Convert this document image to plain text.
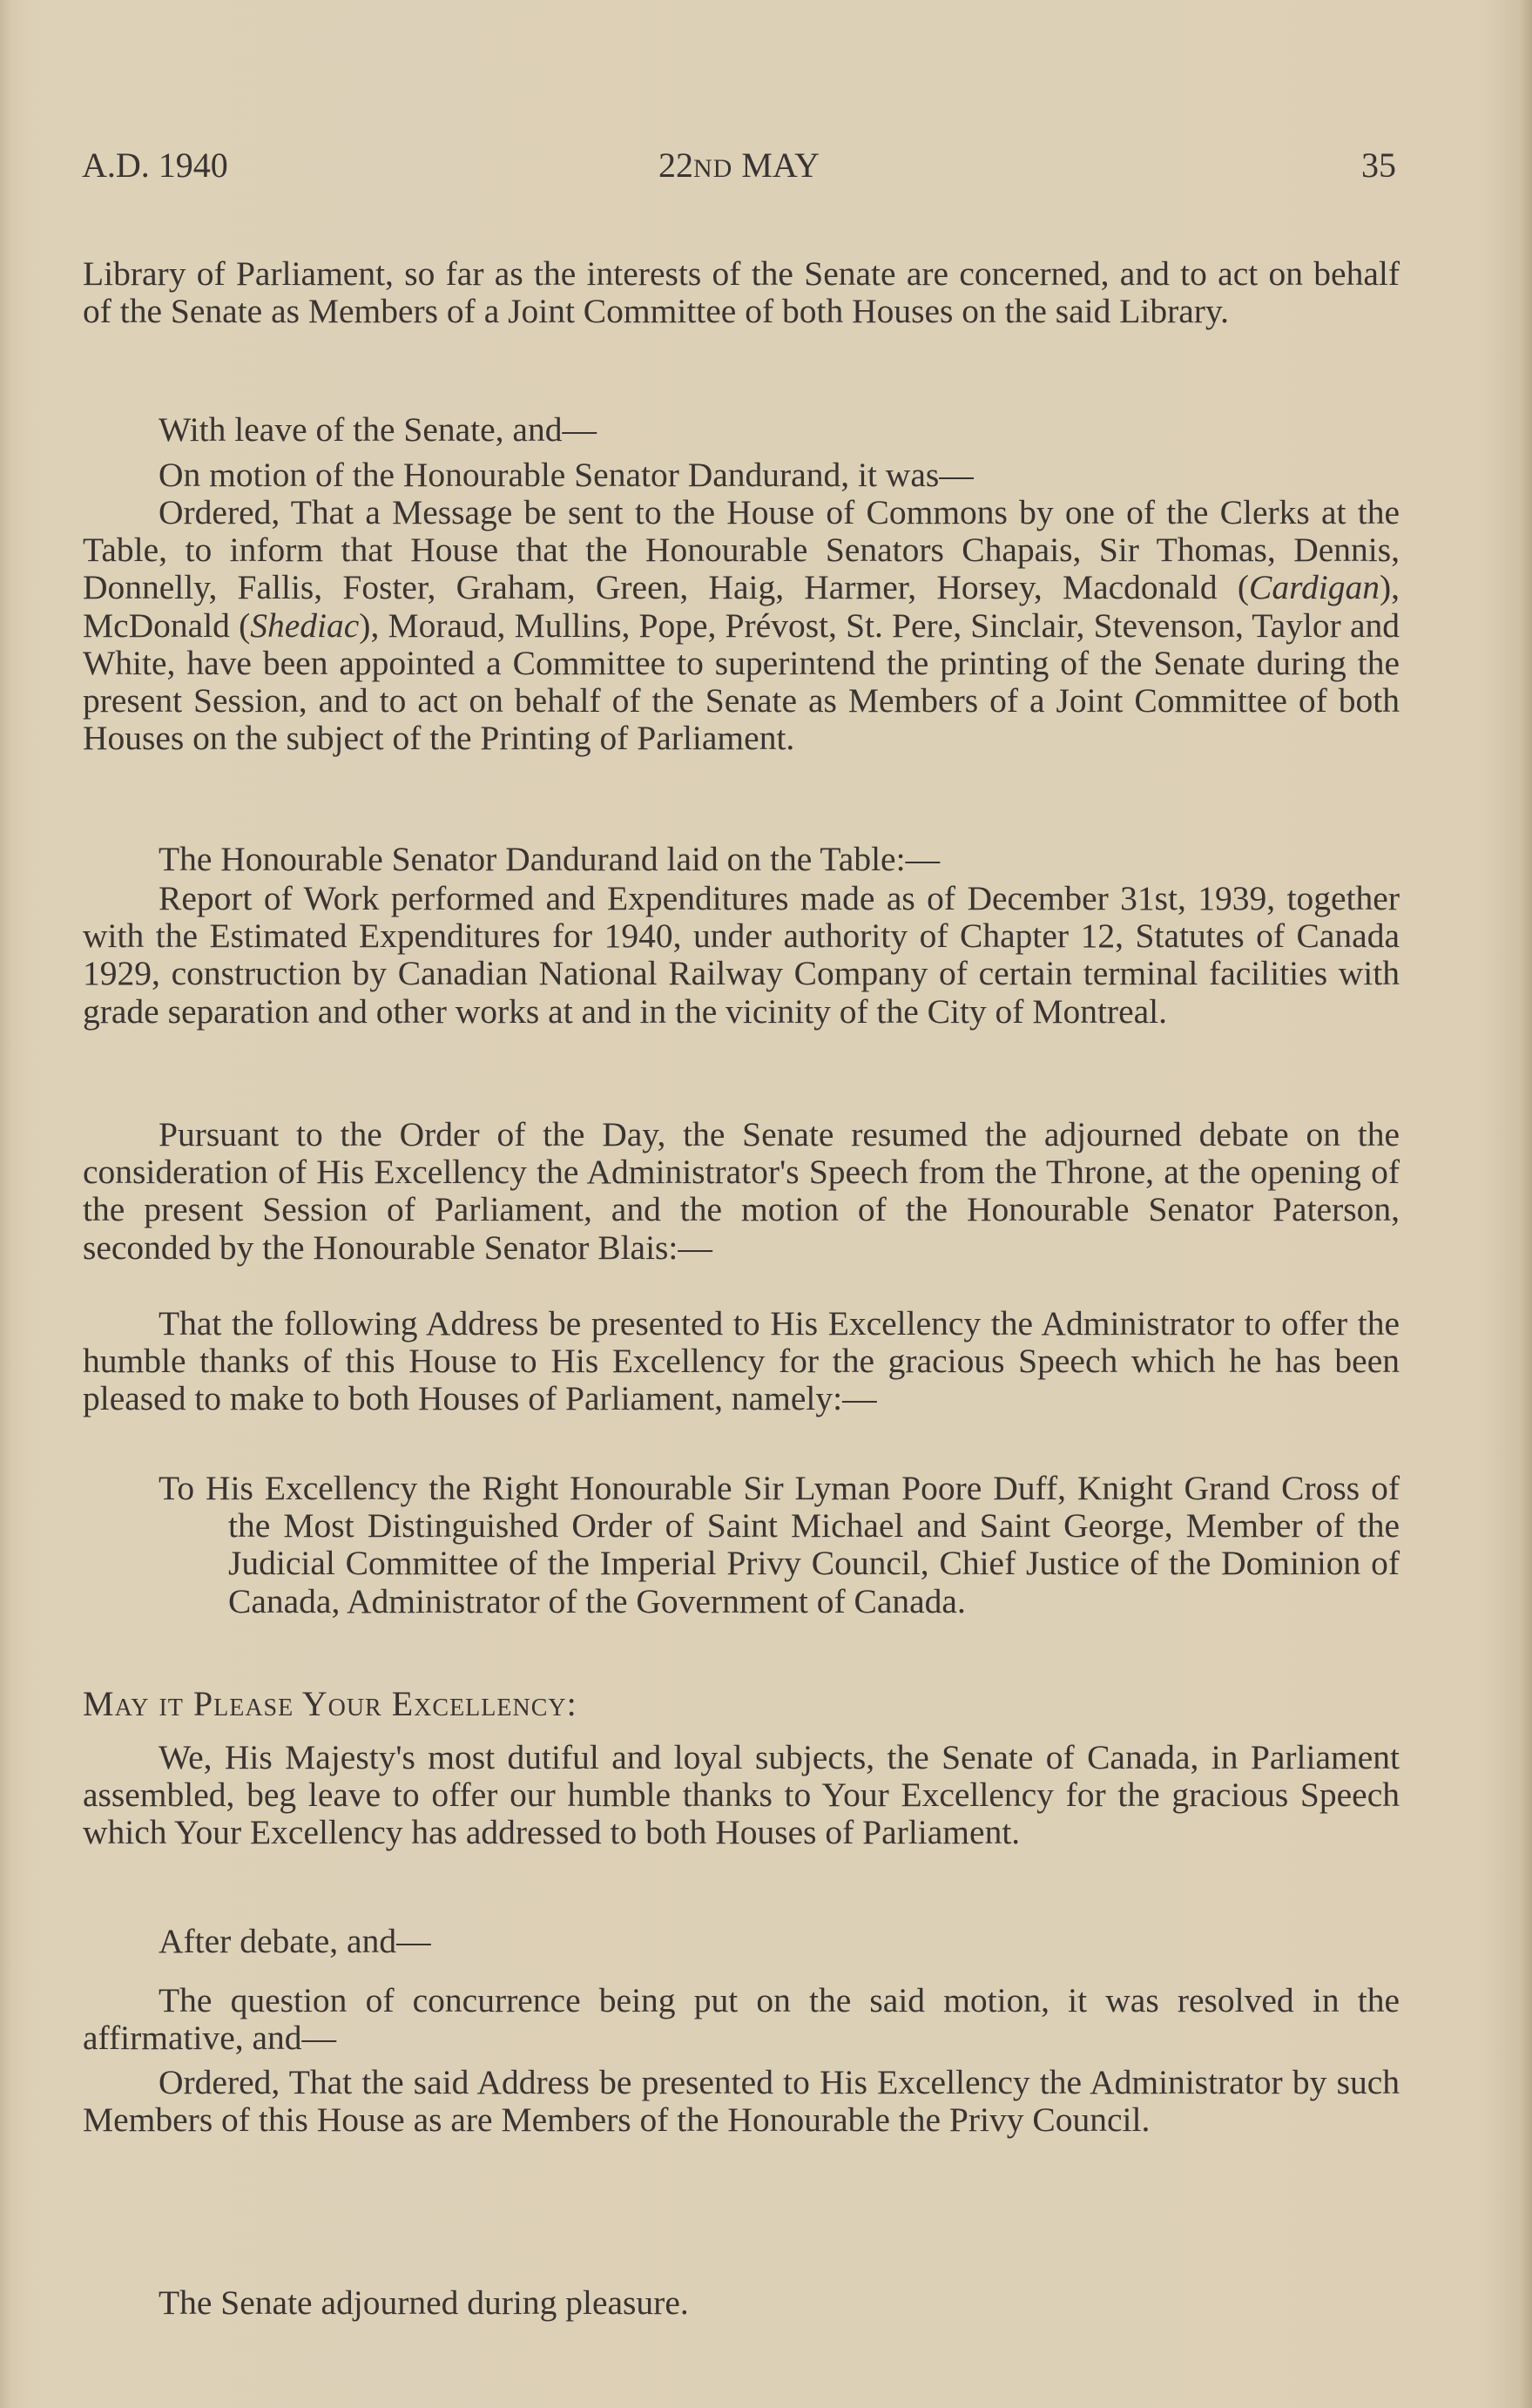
A.D. 1940	22ND MAY	35
Library of Parliament, so far as the interests of the Senate are concerned, and to act on behalf of the Senate as Members of a Joint Committee of both Houses on the said Library.
With leave of the Senate, and—
On motion of the Honourable Senator Dandurand, it was—
Ordered, That a Message be sent to the House of Commons by one of the Clerks at the Table, to inform that House that the Honourable Senators Chapais, Sir Thomas, Dennis, Donnelly, Fallis, Foster, Graham, Green, Haig, Harmer, Horsey, Macdonald (Cardigan), McDonald (Shediac), Moraud, Mullins, Pope, Prévost, St. Pere, Sinclair, Stevenson, Taylor and White, have been appointed a Committee to superintend the printing of the Senate during the present Session, and to act on behalf of the Senate as Members of a Joint Committee of both Houses on the subject of the Printing of Parliament.
The Honourable Senator Dandurand laid on the Table:—
Report of Work performed and Expenditures made as of December 31st, 1939, together with the Estimated Expenditures for 1940, under authority of Chapter 12, Statutes of Canada 1929, construction by Canadian National Railway Company of certain terminal facilities with grade separation and other works at and in the vicinity of the City of Montreal.
Pursuant to the Order of the Day, the Senate resumed the adjourned debate on the consideration of His Excellency the Administrator's Speech from the Throne, at the opening of the present Session of Parliament, and the motion of the Honourable Senator Paterson, seconded by the Honourable Senator Blais:—
That the following Address be presented to His Excellency the Administrator to offer the humble thanks of this House to His Excellency for the gracious Speech which he has been pleased to make to both Houses of Parliament, namely:—
To His Excellency the Right Honourable Sir Lyman Poore Duff, Knight Grand Cross of the Most Distinguished Order of Saint Michael and Saint George, Member of the Judicial Committee of the Imperial Privy Council, Chief Justice of the Dominion of Canada, Administrator of the Government of Canada.
May it Please Your Excellency:
We, His Majesty's most dutiful and loyal subjects, the Senate of Canada, in Parliament assembled, beg leave to offer our humble thanks to Your Excellency for the gracious Speech which Your Excellency has addressed to both Houses of Parliament.
After debate, and—
The question of concurrence being put on the said motion, it was resolved in the affirmative, and—
Ordered, That the said Address be presented to His Excellency the Administrator by such Members of this House as are Members of the Honourable the Privy Council.
The Senate adjourned during pleasure.
